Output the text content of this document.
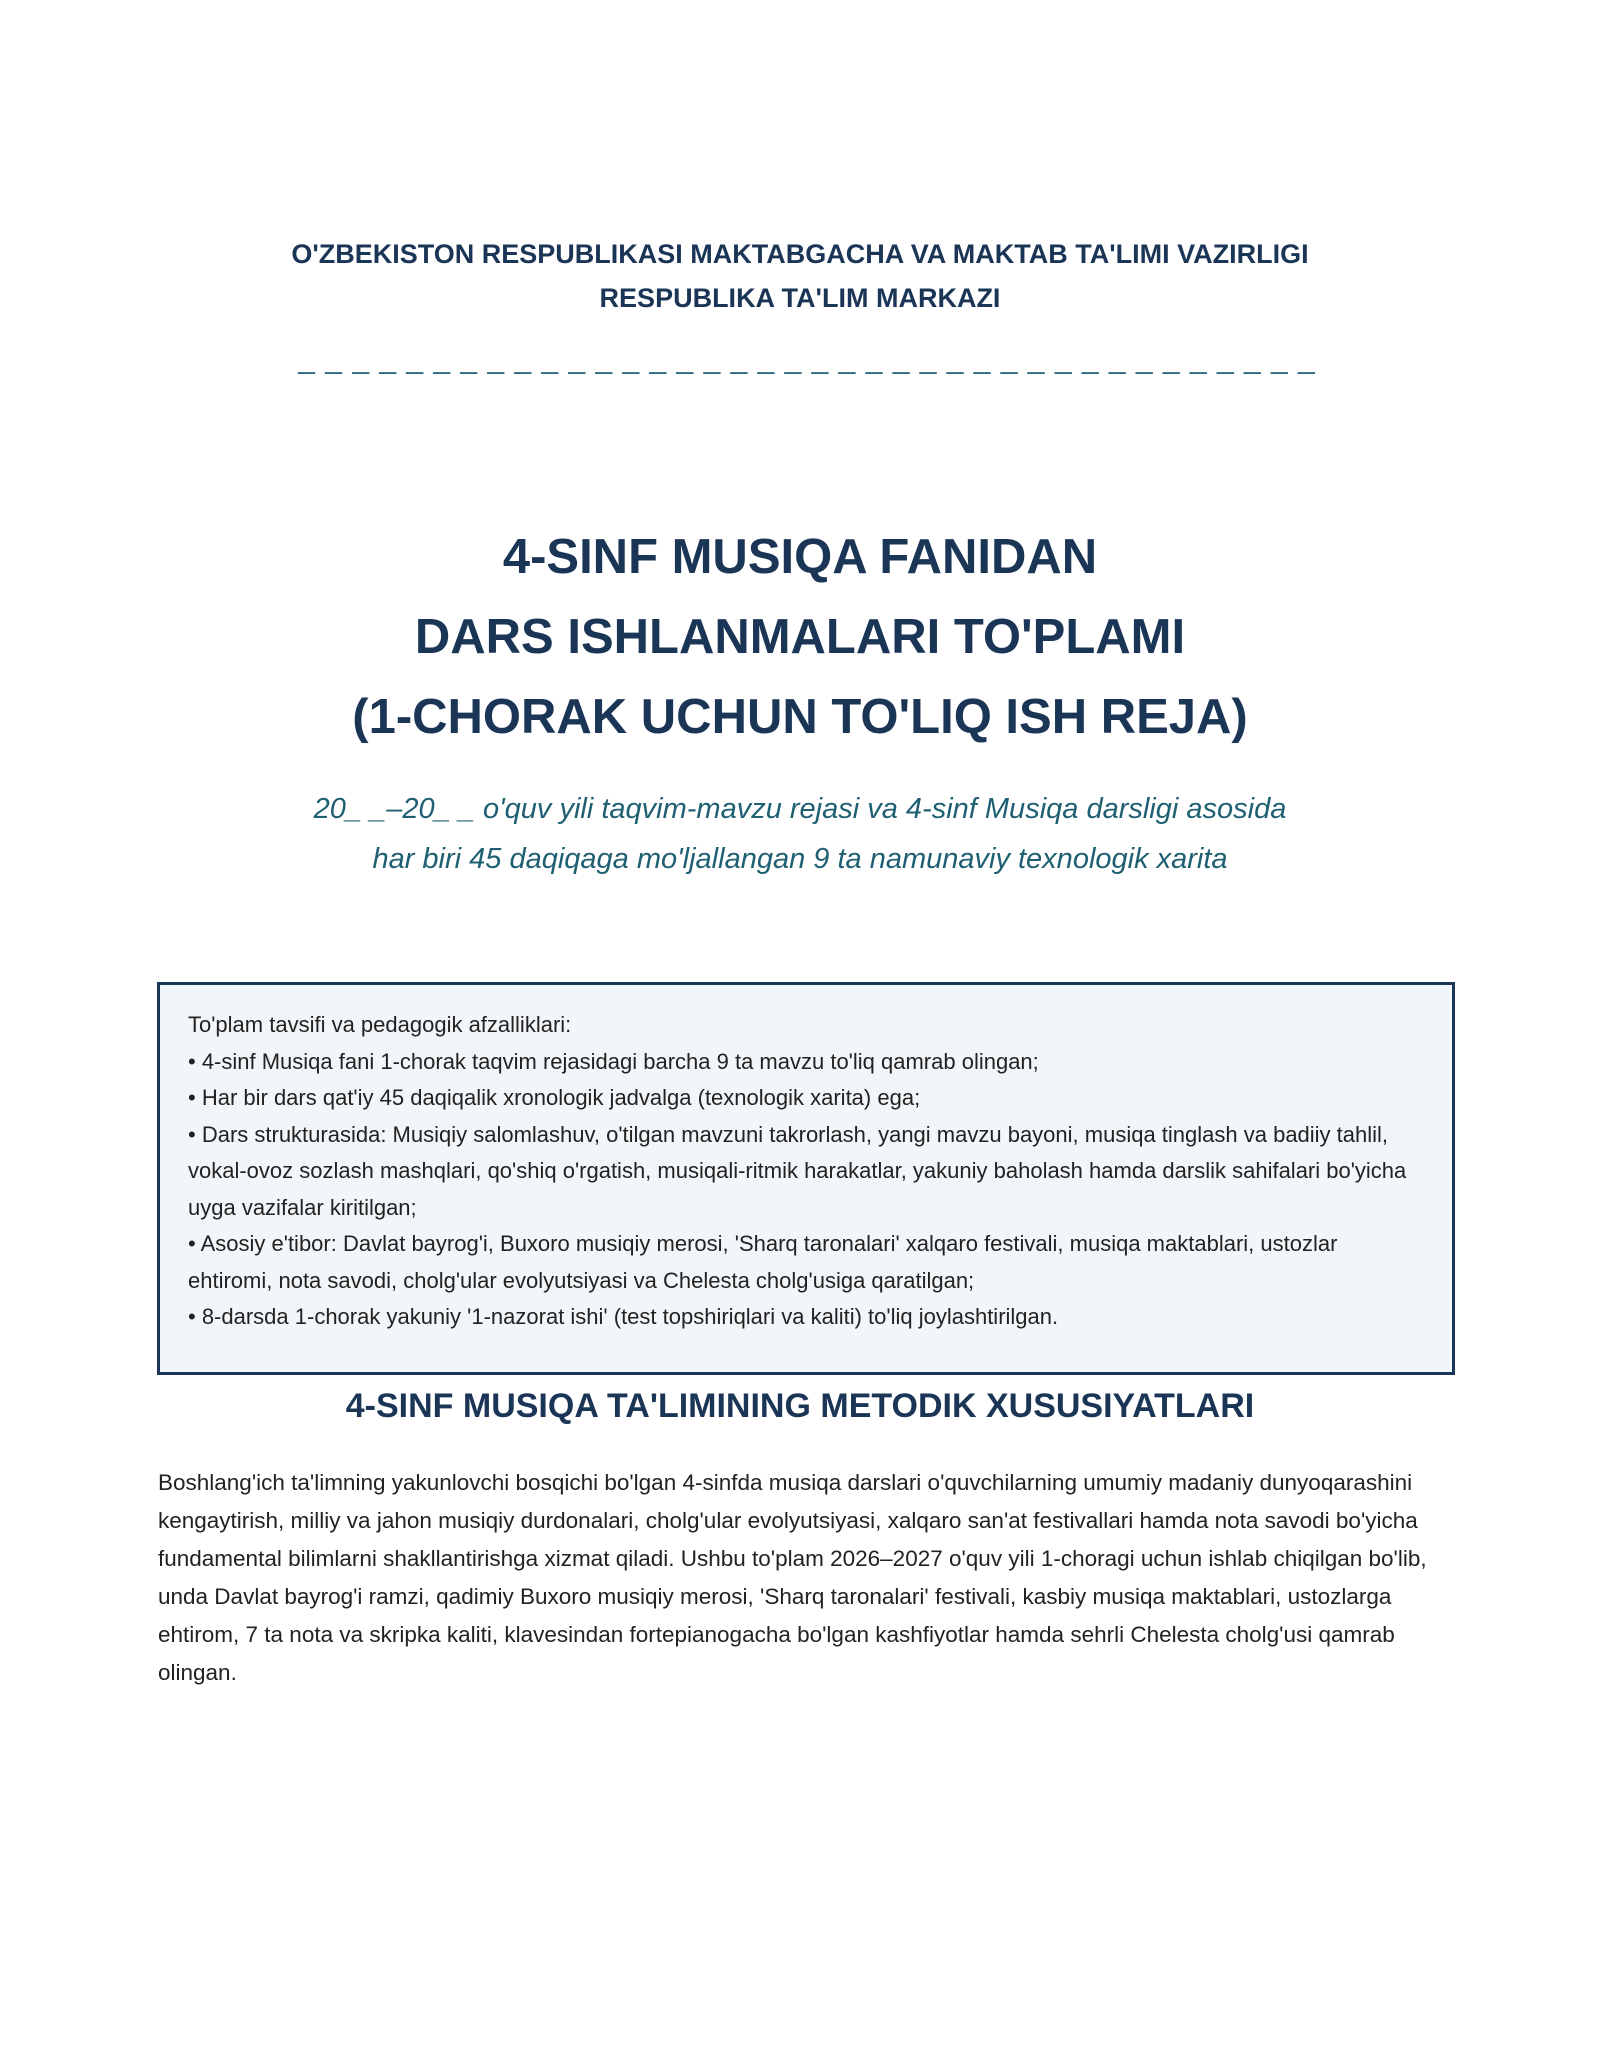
O'ZBEKISTON RESPUBLIKASI MAKTABGACHA VA MAKTAB TA'LIMI VAZIRLIGI
RESPUBLIKA TA'LIM MARKAZI
_ _ _ _ _ _ _ _ _ _ _ _ _ _ _ _ _ _ _ _ _ _ _ _ _ _ _ _ _ _ _ _ _ _ _ _ _ _
4-SINF MUSIQA FANIDAN
DARS ISHLANMALARI TO'PLAMI
(1-CHORAK UCHUN TO'LIQ ISH REJA)
20_ _–20_ _ o'quv yili taqvim-mavzu rejasi va 4-sinf Musiqa darsligi asosida
har biri 45 daqiqaga mo'ljallangan 9 ta namunaviy texnologik xarita

To'plam tavsifi va pedagogik afzalliklari:

• 4-sinf Musiqa fani 1-chorak taqvim rejasidagi barcha 9 ta mavzu to'liq qamrab olingan;

• Har bir dars qat'iy 45 daqiqalik xronologik jadvalga (texnologik xarita) ega;

• Dars strukturasida: Musiqiy salomlashuv, o'tilgan mavzuni takrorlash, yangi mavzu bayoni, musiqa tinglash va badiiy tahlil, vokal-ovoz sozlash mashqlari, qo'shiq o'rgatish, musiqali-ritmik harakatlar, yakuniy baholash hamda darslik sahifalari bo'yicha uyga vazifalar kiritilgan;

• Asosiy e'tibor: Davlat bayrog'i, Buxoro musiqiy merosi, 'Sharq taronalari' xalqaro festivali, musiqa maktablari, ustozlar ehtiromi, nota savodi, cholg'ular evolyutsiyasi va Chelesta cholg'usiga qaratilgan;

• 8-darsda 1-chorak yakuniy '1-nazorat ishi' (test topshiriqlari va kaliti) to'liq joylashtirilgan.

4-SINF MUSIQA TA'LIMINING METODIK XUSUSIYATLARI

Boshlang'ich ta'limning yakunlovchi bosqichi bo'lgan 4-sinfda musiqa darslari o'quvchilarning umumiy madaniy dunyoqarashini kengaytirish, milliy va jahon musiqiy durdonalari, cholg'ular evolyutsiyasi, xalqaro san'at festivallari hamda nota savodi bo'yicha fundamental bilimlarni shakllantirishga xizmat qiladi. Ushbu to'plam 2026–2027 o'quv yili 1-choragi uchun ishlab chiqilgan bo'lib, unda Davlat bayrog'i ramzi, qadimiy Buxoro musiqiy merosi, 'Sharq taronalari' festivali, kasbiy musiqa maktablari, ustozlarga ehtirom, 7 ta nota va skripka kaliti, klavesindan fortepianogacha bo'lgan kashfiyotlar hamda sehrli Chelesta cholg'usi qamrab olingan.
